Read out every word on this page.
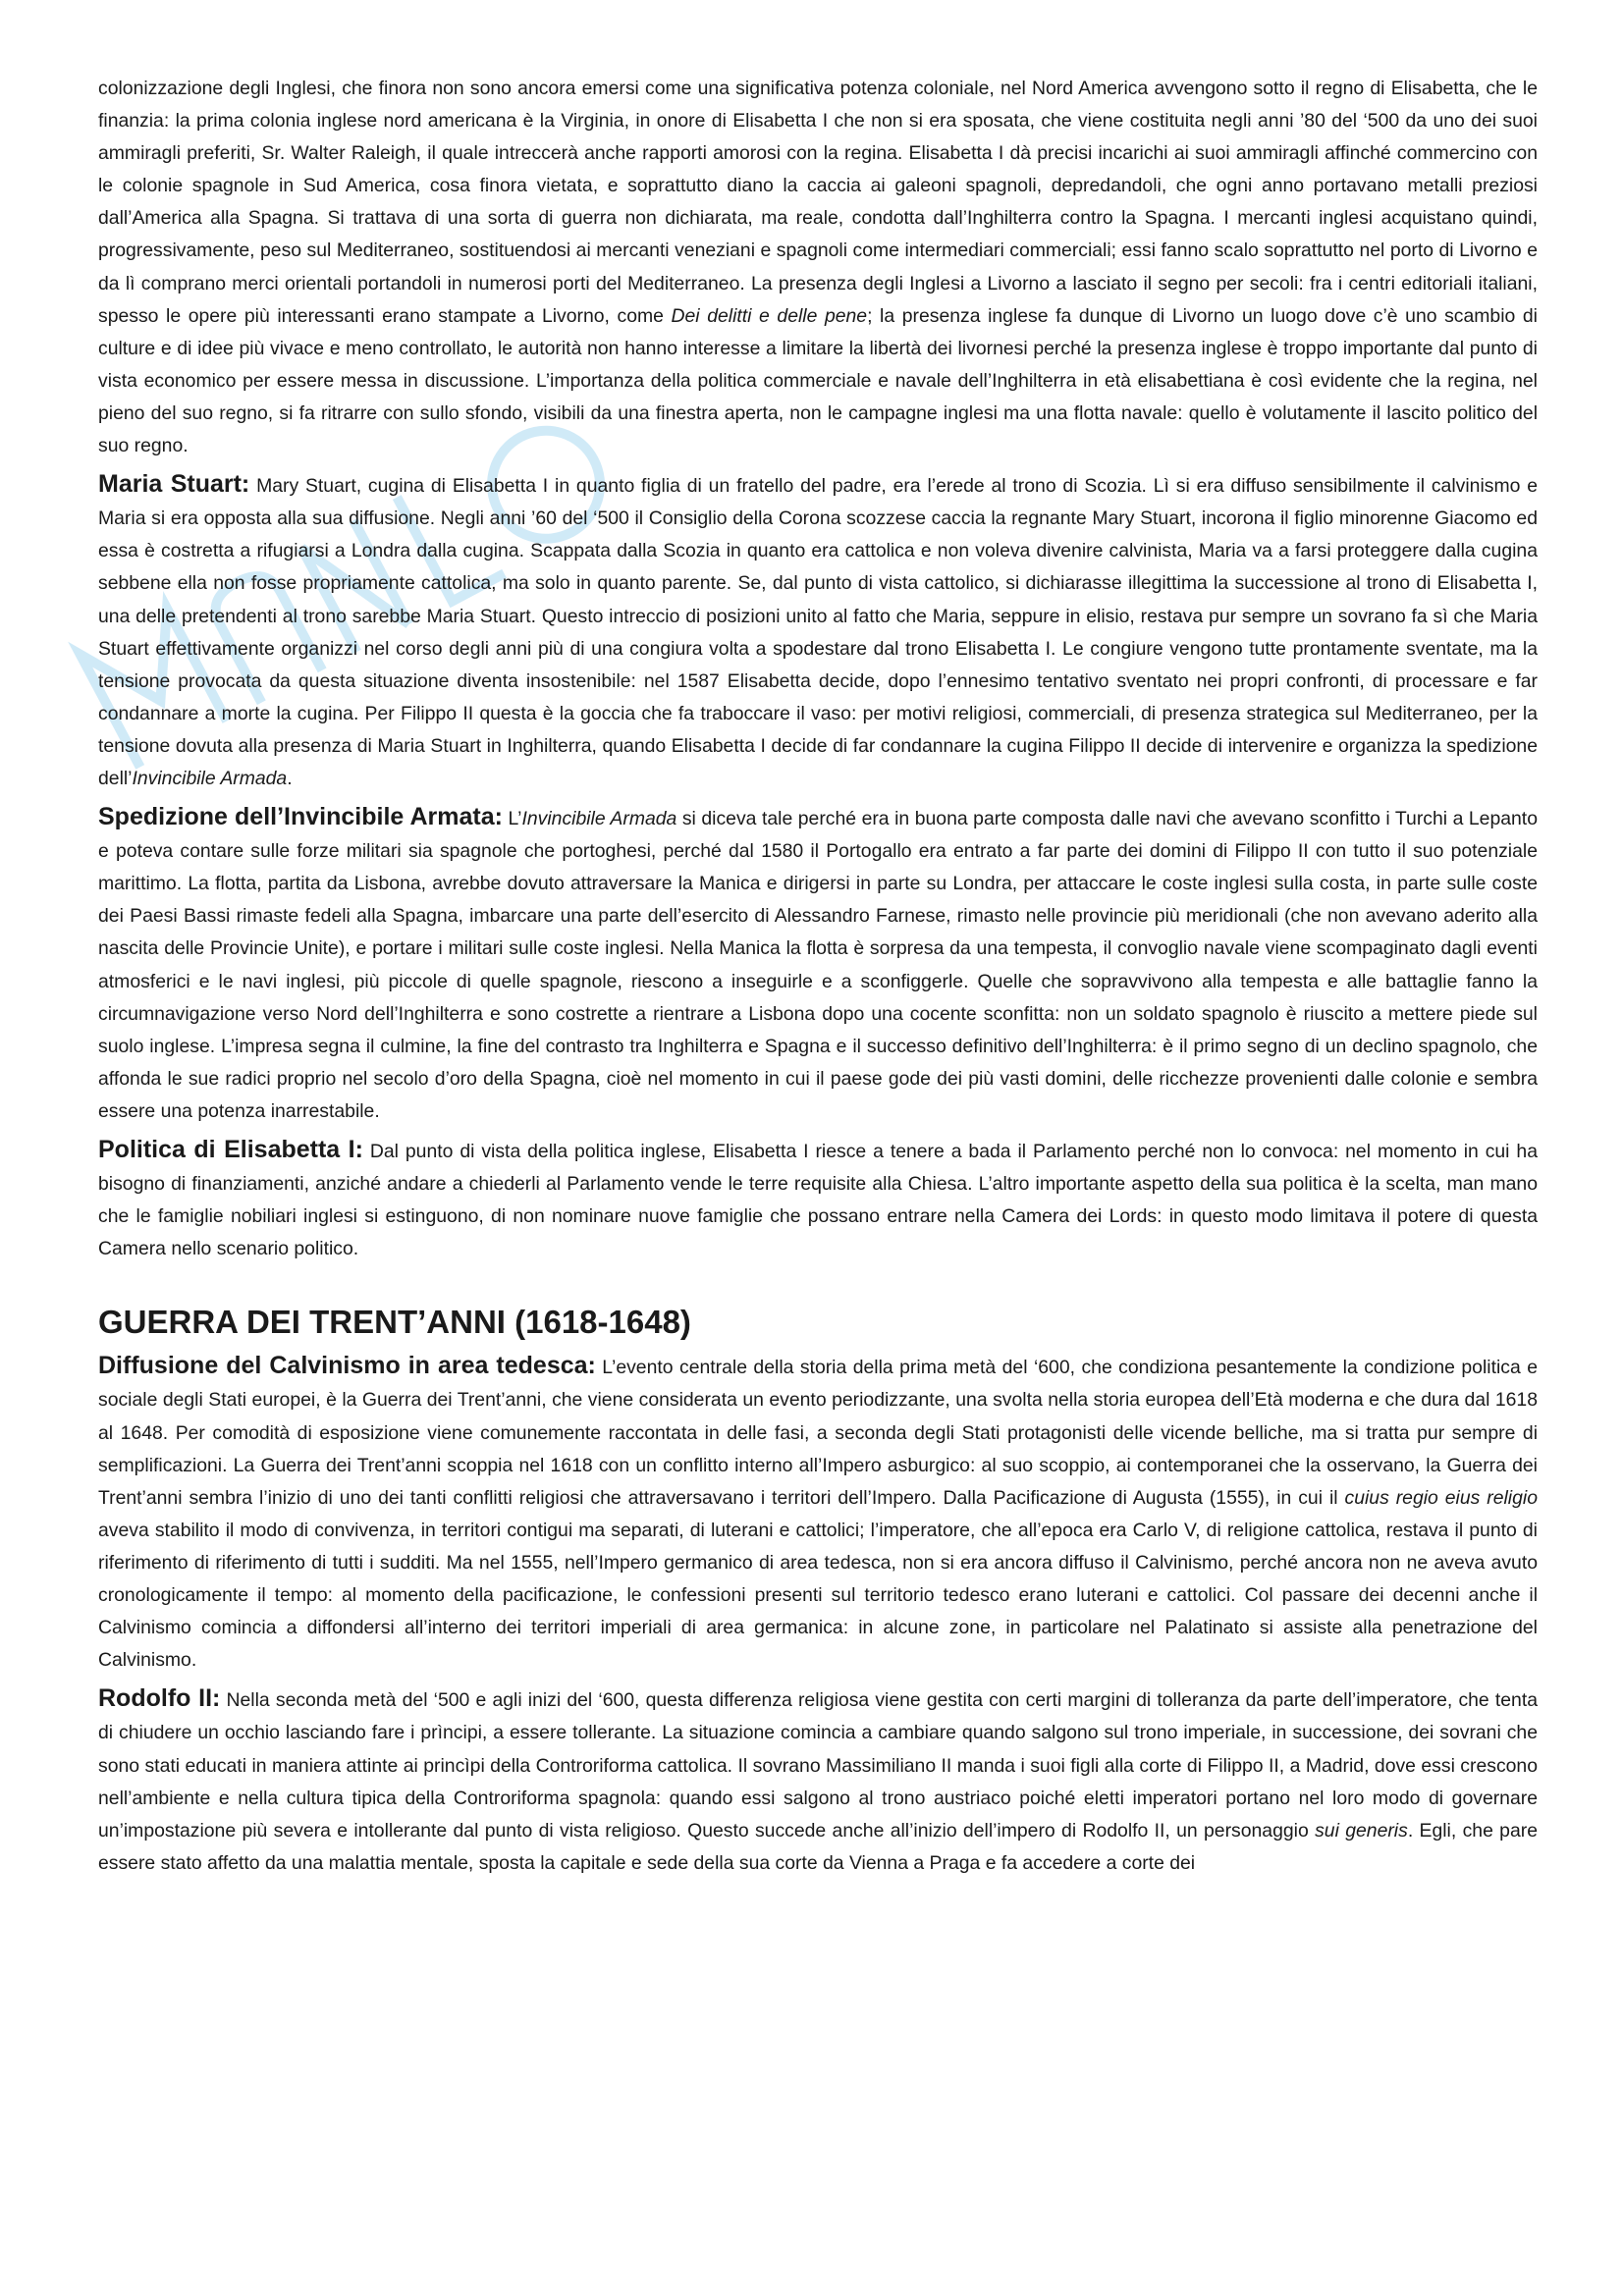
colonizzazione degli Inglesi, che finora non sono ancora emersi come una significativa potenza coloniale, nel Nord America avvengono sotto il regno di Elisabetta, che le finanzia: la prima colonia inglese nord americana è la Virginia, in onore di Elisabetta I che non si era sposata, che viene costituita negli anni ’80 del ‘500 da uno dei suoi ammiragli preferiti, Sr. Walter Raleigh, il quale intreccerà anche rapporti amorosi con la regina. Elisabetta I dà precisi incarichi ai suoi ammiragli affinché commercino con le colonie spagnole in Sud America, cosa finora vietata, e soprattutto diano la caccia ai galeoni spagnoli, depredandoli, che ogni anno portavano metalli preziosi dall’America alla Spagna. Si trattava di una sorta di guerra non dichiarata, ma reale, condotta dall’Inghilterra contro la Spagna. I mercanti inglesi acquistano quindi, progressivamente, peso sul Mediterraneo, sostituendosi ai mercanti veneziani e spagnoli come intermediari commerciali; essi fanno scalo soprattutto nel porto di Livorno e da lì comprano merci orientali portandoli in numerosi porti del Mediterraneo. La presenza degli Inglesi a Livorno a lasciato il segno per secoli: fra i centri editoriali italiani, spesso le opere più interessanti erano stampate a Livorno, come Dei delitti e delle pene; la presenza inglese fa dunque di Livorno un luogo dove c’è uno scambio di culture e di idee più vivace e meno controllato, le autorità non hanno interesse a limitare la libertà dei livornesi perché la presenza inglese è troppo importante dal punto di vista economico per essere messa in discussione. L’importanza della politica commerciale e navale dell’Inghilterra in età elisabettiana è così evidente che la regina, nel pieno del suo regno, si fa ritrarre con sullo sfondo, visibili da una finestra aperta, non le campagne inglesi ma una flotta navale: quello è volutamente il lascito politico del suo regno.

Maria Stuart: Mary Stuart, cugina di Elisabetta I in quanto figlia di un fratello del padre, era l’erede al trono di Scozia. Lì si era diffuso sensibilmente il calvinismo e Maria si era opposta alla sua diffusione. Negli anni ’60 del ‘500 il Consiglio della Corona scozzese caccia la regnante Mary Stuart, incorona il figlio minorenne Giacomo ed essa è costretta a rifugiarsi a Londra dalla cugina. Scappata dalla Scozia in quanto era cattolica e non voleva divenire calvinista, Maria va a farsi proteggere dalla cugina sebbene ella non fosse propriamente cattolica, ma solo in quanto parente. Se, dal punto di vista cattolico, si dichiarasse illegittima la successione al trono di Elisabetta I, una delle pretendenti al trono sarebbe Maria Stuart. Questo intreccio di posizioni unito al fatto che Maria, seppure in elisio, restava pur sempre un sovrano fa sì che Maria Stuart effettivamente organizzi nel corso degli anni più di una congiura volta a spodestare dal trono Elisabetta I. Le congiure vengono tutte prontamente sventate, ma la tensione provocata da questa situazione diventa insostenibile: nel 1587 Elisabetta decide, dopo l’ennesimo tentativo sventato nei propri confronti, di processare e far condannare a morte la cugina. Per Filippo II questa è la goccia che fa traboccare il vaso: per motivi religiosi, commerciali, di presenza strategica sul Mediterraneo, per la tensione dovuta alla presenza di Maria Stuart in Inghilterra, quando Elisabetta I decide di far condannare la cugina Filippo II decide di intervenire e organizza la spedizione dell’Invincibile Armada.

Spedizione dell’Invincibile Armata: L’Invincibile Armada si diceva tale perché era in buona parte composta dalle navi che avevano sconfitto i Turchi a Lepanto e poteva contare sulle forze militari sia spagnole che portoghesi, perché dal 1580 il Portogallo era entrato a far parte dei domini di Filippo II con tutto il suo potenziale marittimo. La flotta, partita da Lisbona, avrebbe dovuto attraversare la Manica e dirigersi in parte su Londra, per attaccare le coste inglesi sulla costa, in parte sulle coste dei Paesi Bassi rimaste fedeli alla Spagna, imbarcare una parte dell’esercito di Alessandro Farnese, rimasto nelle provincie più meridionali (che non avevano aderito alla nascita delle Provincie Unite), e portare i militari sulle coste inglesi. Nella Manica la flotta è sorpresa da una tempesta, il convoglio navale viene scompaginato dagli eventi atmosferici e le navi inglesi, più piccole di quelle spagnole, riescono a inseguirle e a sconfiggerle. Quelle che sopravvivono alla tempesta e alle battaglie fanno la circumnavigazione verso Nord dell’Inghilterra e sono costrette a rientrare a Lisbona dopo una cocente sconfitta: non un soldato spagnolo è riuscito a mettere piede sul suolo inglese. L’impresa segna il culmine, la fine del contrasto tra Inghilterra e Spagna e il successo definitivo dell’Inghilterra: è il primo segno di un declino spagnolo, che affonda le sue radici proprio nel secolo d’oro della Spagna, cioè nel momento in cui il paese gode dei più vasti domini, delle ricchezze provenienti dalle colonie e sembra essere una potenza inarrestabile.

Politica di Elisabetta I: Dal punto di vista della politica inglese, Elisabetta I riesce a tenere a bada il Parlamento perché non lo convoca: nel momento in cui ha bisogno di finanziamenti, anziché andare a chiederli al Parlamento vende le terre requisite alla Chiesa. L’altro importante aspetto della sua politica è la scelta, man mano che le famiglie nobiliari inglesi si estinguono, di non nominare nuove famiglie che possano entrare nella Camera dei Lords: in questo modo limitava il potere di questa Camera nello scenario politico.

GUERRA DEI TRENT’ANNI (1618-1648)

Diffusione del Calvinismo in area tedesca: L’evento centrale della storia della prima metà del ‘600, che condiziona pesantemente la condizione politica e sociale degli Stati europei, è la Guerra dei Trent’anni, che viene considerata un evento periodizzante, una svolta nella storia europea dell’Età moderna e che dura dal 1618 al 1648. Per comodità di esposizione viene comunemente raccontata in delle fasi, a seconda degli Stati protagonisti delle vicende belliche, ma si tratta pur sempre di semplificazioni. La Guerra dei Trent’anni scoppia nel 1618 con un conflitto interno all’Impero asburgico: al suo scoppio, ai contemporanei che la osservano, la Guerra dei Trent’anni sembra l’inizio di uno dei tanti conflitti religiosi che attraversavano i territori dell’Impero. Dalla Pacificazione di Augusta (1555), in cui il cuius regio eius religio aveva stabilito il modo di convivenza, in territori contigui ma separati, di luterani e cattolici; l’imperatore, che all’epoca era Carlo V, di religione cattolica, restava il punto di riferimento di riferimento di tutti i sudditi. Ma nel 1555, nell’Impero germanico di area tedesca, non si era ancora diffuso il Calvinismo, perché ancora non ne aveva avuto cronologicamente il tempo: al momento della pacificazione, le confessioni presenti sul territorio tedesco erano luterani e cattolici. Col passare dei decenni anche il Calvinismo comincia a diffondersi all’interno dei territori imperiali di area germanica: in alcune zone, in particolare nel Palatinato si assiste alla penetrazione del Calvinismo.

Rodolfo II: Nella seconda metà del ‘500 e agli inizi del ‘600, questa differenza religiosa viene gestita con certi margini di tolleranza da parte dell’imperatore, che tenta di chiudere un occhio lasciando fare i prìncipi, a essere tollerante. La situazione comincia a cambiare quando salgono sul trono imperiale, in successione, dei sovrani che sono stati educati in maniera attinte ai princìpi della Controriforma cattolica. Il sovrano Massimiliano II manda i suoi figli alla corte di Filippo II, a Madrid, dove essi crescono nell’ambiente e nella cultura tipica della Controriforma spagnola: quando essi salgono al trono austriaco poiché eletti imperatori portano nel loro modo di governare un’impostazione più severa e intollerante dal punto di vista religioso. Questo succede anche all’inizio dell’impero di Rodolfo II, un personaggio sui generis. Egli, che pare essere stato affetto da una malattia mentale, sposta la capitale e sede della sua corte da Vienna a Praga e fa accedere a corte dei
